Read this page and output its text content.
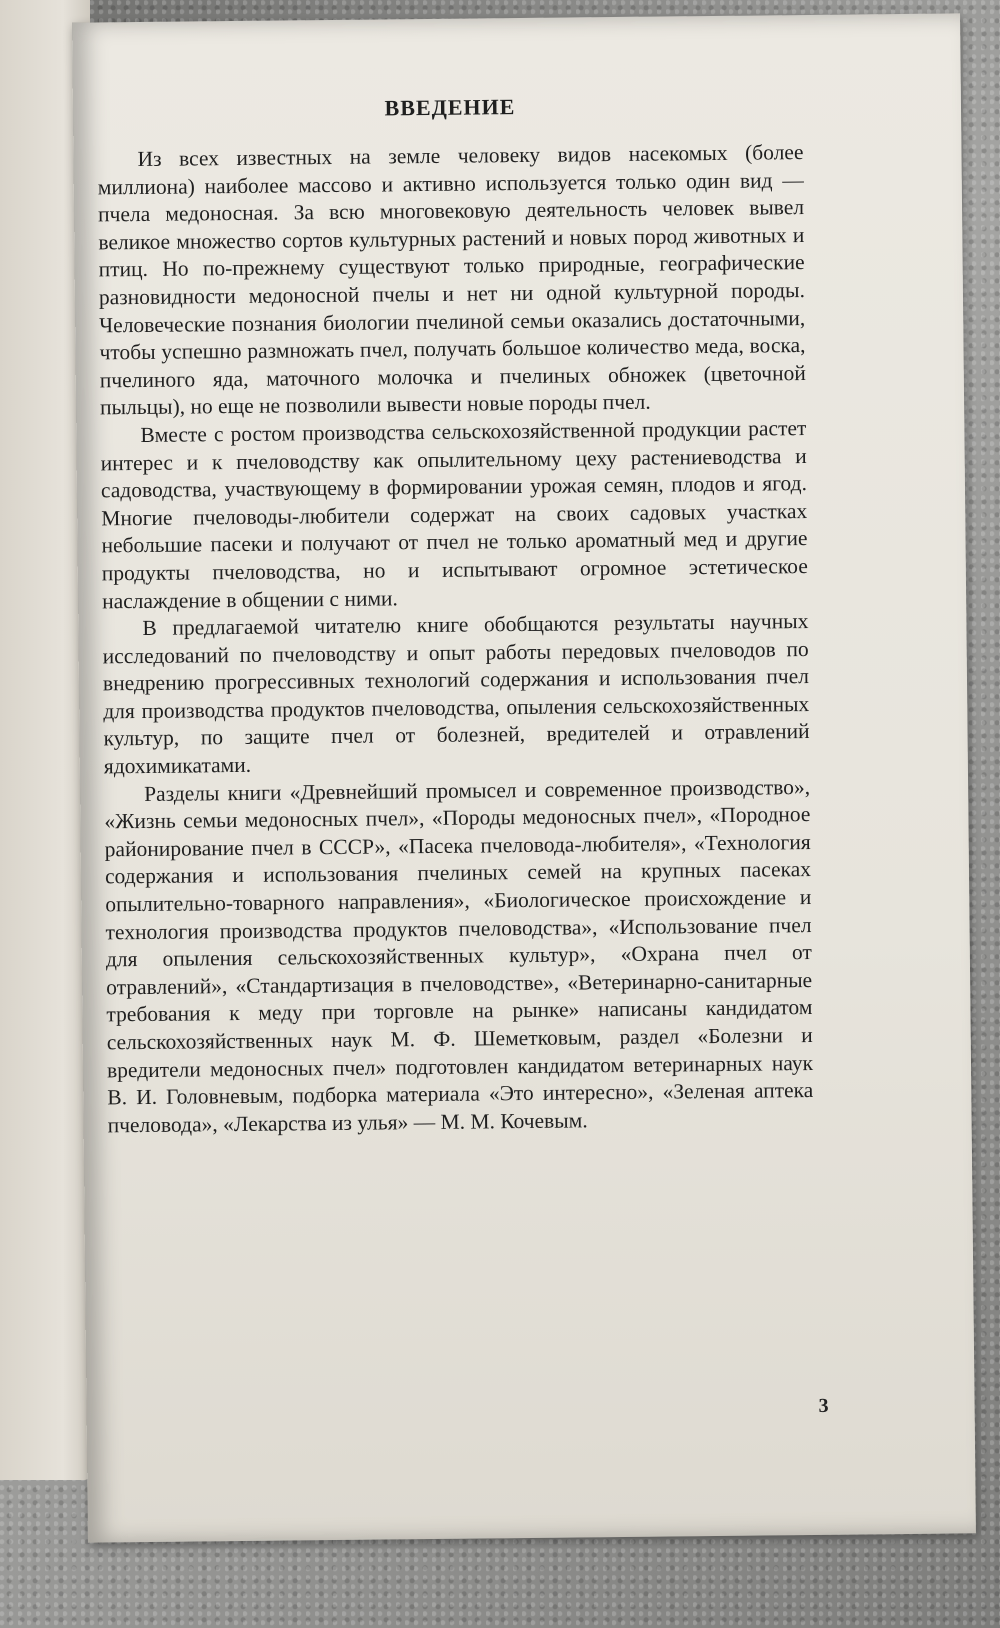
ВВЕДЕНИЕ

Из всех известных на земле человеку видов насекомых (более миллиона) наиболее массово и активно используется только один вид — пчела медоносная. За всю многовековую деятельность человек вывел великое множество сортов культурных растений и новых пород животных и птиц. Но по-прежнему существуют только природные, географические разновидности медоносной пчелы и нет ни одной культурной породы. Человеческие познания биологии пчелиной семьи оказались достаточными, чтобы успешно размножать пчел, получать большое количество меда, воска, пчелиного яда, маточного молочка и пчелиных обножек (цветочной пыльцы), но еще не позволили вывести новые породы пчел.

Вместе с ростом производства сельскохозяйственной продукции растет интерес и к пчеловодству как опылительному цеху растениеводства и садоводства, участвующему в формировании урожая семян, плодов и ягод. Многие пчеловоды-любители содержат на своих садовых участках небольшие пасеки и получают от пчел не только ароматный мед и другие продукты пчеловодства, но и испытывают огромное эстетическое наслаждение в общении с ними.

В предлагаемой читателю книге обобщаются результаты научных исследований по пчеловодству и опыт работы передовых пчеловодов по внедрению прогрессивных технологий содержания и использования пчел для производства продуктов пчеловодства, опыления сельскохозяйственных культур, по защите пчел от болезней, вредителей и отравлений ядохимикатами.

Разделы книги «Древнейший промысел и современное производство», «Жизнь семьи медоносных пчел», «Породы медоносных пчел», «Породное районирование пчел в СССР», «Пасека пчеловода-любителя», «Технология содержания и использования пчелиных семей на крупных пасеках опылительно-товарного направления», «Биологическое происхождение и технология производства продуктов пчеловодства», «Использование пчел для опыления сельскохозяйственных культур», «Охрана пчел от отравлений», «Стандартизация в пчеловодстве», «Ветеринарно-санитарные требования к меду при торговле на рынке» написаны кандидатом сельскохозяйственных наук М. Ф. Шеметковым, раздел «Болезни и вредители медоносных пчел» подготовлен кандидатом ветеринарных наук В. И. Головневым, подборка материала «Это интересно», «Зеленая аптека пчеловода», «Лекарства из улья» — М. М. Кочевым.

3
